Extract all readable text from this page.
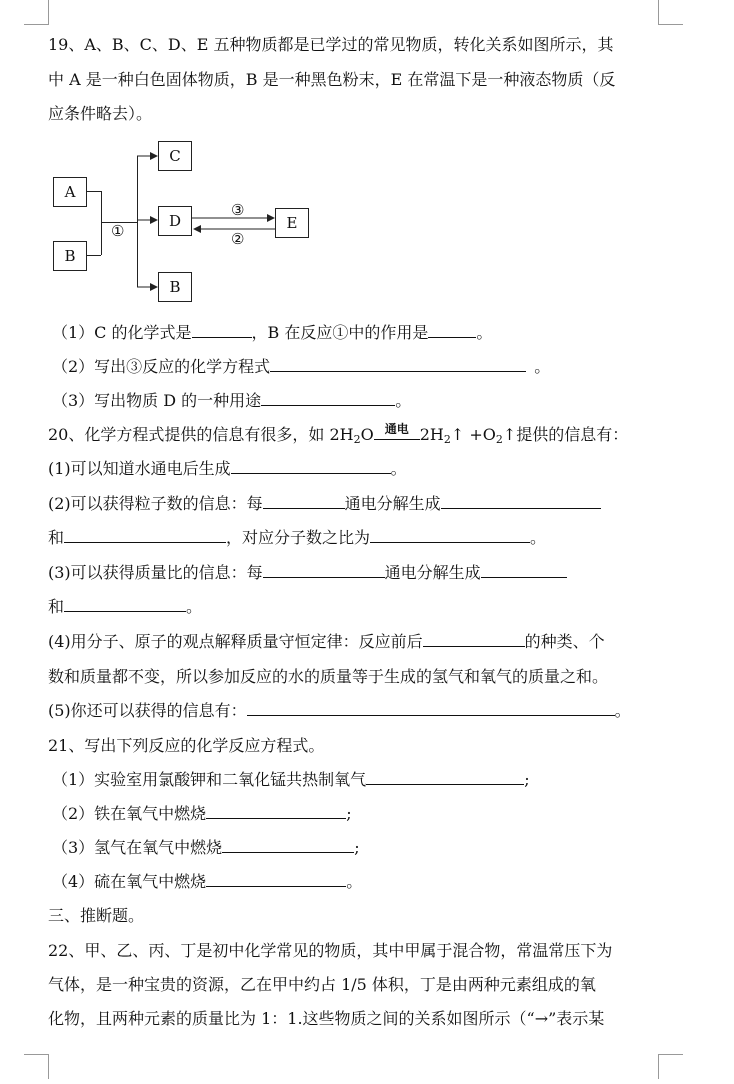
19、A、B、C、D、E 五种物质都是已学过的常见物质，转化关系如图所示，其
中 A 是一种白色固体物质，B 是一种黑色粉末，E 在常温下是一种液态物质（反
应条件略去）。
A
B
C
D
B
E
①
③
②
（1）C 的化学式是	，B 在反应①中的作用是	。
（2）写出③反应的化学方程式	。
（3）写出物质 D 的一种用途	。
20、化学方程式提供的信息有很多，如 $2H_2O$ 通电 $2H_2↑$ $+O_2↑$提供的信息有：
(1)可以知道水通电后生成	。
(2)可以获得粒子数的信息：每	通电分解生成
和	，对应分子数之比为	。
(3)可以获得质量比的信息：每	通电分解生成
和	。
(4)用分子、原子的观点解释质量守恒定律：反应前后	的种类、个
数和质量都不变，所以参加反应的水的质量等于生成的氢气和氧气的质量之和。
(5)你还可以获得的信息有：	。
21、写出下列反应的化学反应方程式。
（1）实验室用氯酸钾和二氧化锰共热制氧气	;
（2）铁在氧气中燃烧	;
（3）氢气在氧气中燃烧	;
（4）硫在氧气中燃烧	。
三、推断题。
22、甲、乙、丙、丁是初中化学常见的物质，其中甲属于混合物，常温常压下为
气体，是一种宝贵的资源，乙在甲中约占 1/5 体积，丁是由两种元素组成的氧
化物，且两种元素的质量比为 1：1.这些物质之间的关系如图所示（“→”表示某
